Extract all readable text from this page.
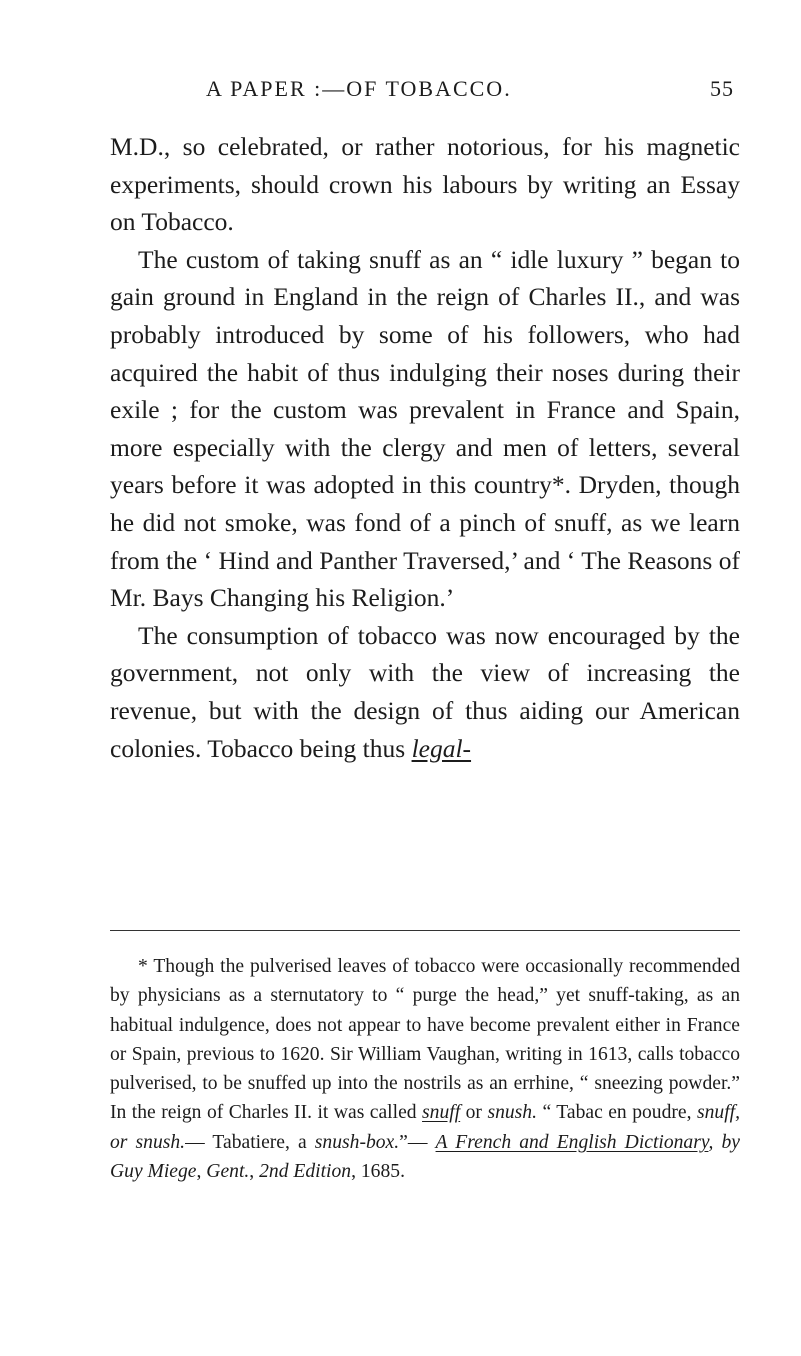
A PAPER :—OF TOBACCO.	55

M.D., so celebrated, or rather notorious, for his magnetic experiments, should crown his labours by writing an Essay on Tobacco.

The custom of taking snuff as an “ idle luxury ” began to gain ground in England in the reign of Charles II., and was probably introduced by some of his followers, who had acquired the habit of thus indulging their noses during their exile ; for the custom was prevalent in France and Spain, more especially with the clergy and men of letters, several years before it was adopted in this country*. Dryden, though he did not smoke, was fond of a pinch of snuff, as we learn from the ‘ Hind and Panther Traversed,’ and ‘ The Reasons of Mr. Bays Changing his Religion.’

The consumption of tobacco was now encouraged by the government, not only with the view of increasing the revenue, but with the design of thus aiding our American colonies. Tobacco being thus legal-

* Though the pulverised leaves of tobacco were occasionally recommended by physicians as a sternutatory to “ purge the head,” yet snuff-taking, as an habitual indulgence, does not appear to have become prevalent either in France or Spain, previous to 1620. Sir William Vaughan, writing in 1613, calls tobacco pulverised, to be snuffed up into the nostrils as an errhine, “ sneezing powder.” In the reign of Charles II. it was called snuff or snush. “ Tabac en poudre, snuff, or snush.— Tabatiere, a snush-box.”— A French and English Dictionary, by Guy Miege, Gent., 2nd Edition, 1685.
